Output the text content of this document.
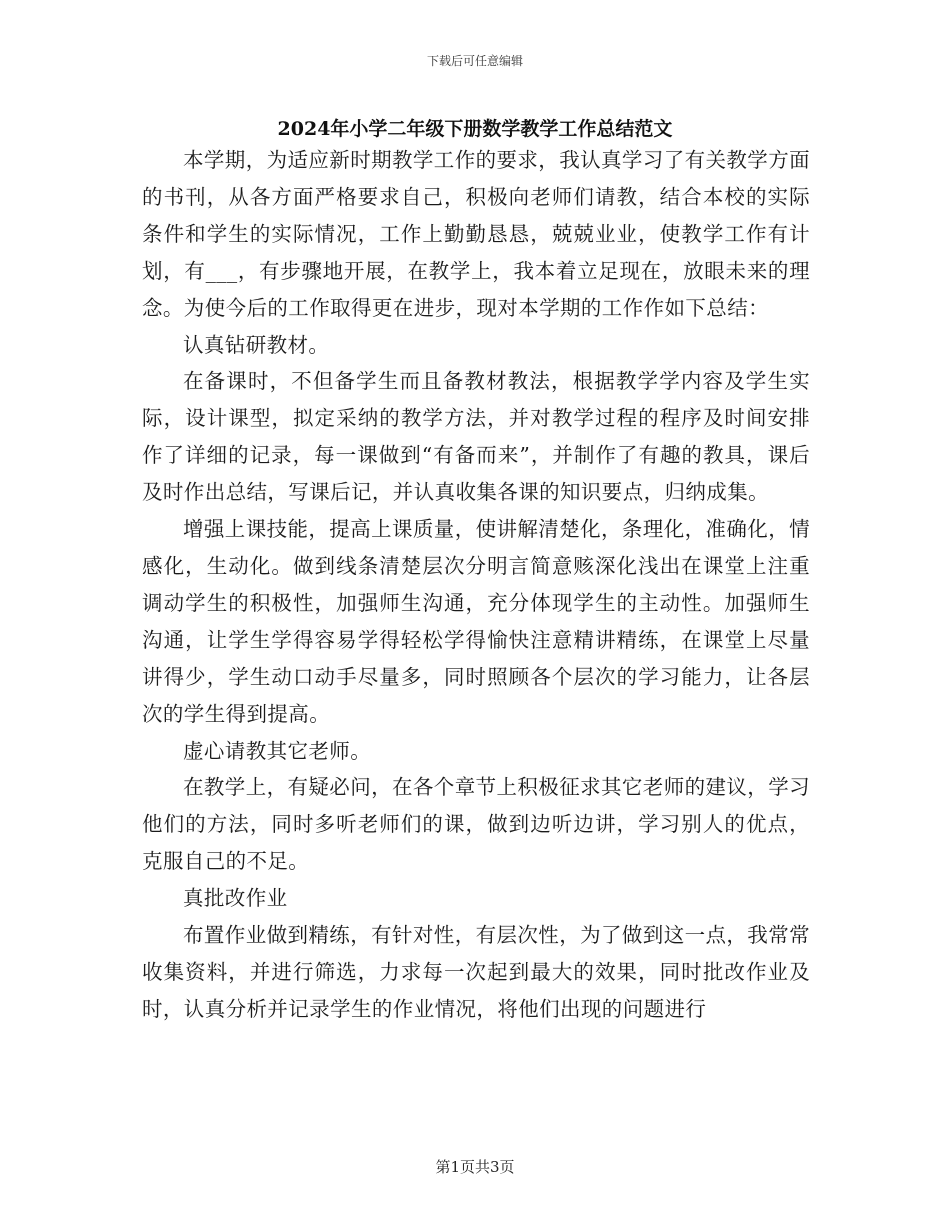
下载后可任意编辑
2024年小学二年级下册数学教学工作总结范文

本学期，为适应新时期教学工作的要求，我认真学习了有关教学方面的书刊，从各方面严格要求自己，积极向老师们请教，结合本校的实际条件和学生的实际情况，工作上勤勤恳恳，兢兢业业，使教学工作有计划，有___，有步骤地开展，在教学上，我本着立足现在，放眼未来的理念。为使今后的工作取得更在进步，现对本学期的工作作如下总结：

认真钻研教材。

在备课时，不但备学生而且备教材教法，根据教学学内容及学生实际，设计课型，拟定采纳的教学方法，并对教学过程的程序及时间安排作了详细的记录，每一课做到“有备而来”，并制作了有趣的教具，课后及时作出总结，写课后记，并认真收集各课的知识要点，归纳成集。

增强上课技能，提高上课质量，使讲解清楚化，条理化，准确化，情感化，生动化。做到线条清楚层次分明言简意赅深化浅出在课堂上注重调动学生的积极性，加强师生沟通，充分体现学生的主动性。加强师生沟通，让学生学得容易学得轻松学得愉快注意精讲精练，在课堂上尽量讲得少，学生动口动手尽量多，同时照顾各个层次的学习能力，让各层次的学生得到提高。

虚心请教其它老师。

在教学上，有疑必问，在各个章节上积极征求其它老师的建议，学习他们的方法，同时多听老师们的课，做到边听边讲，学习别人的优点，克服自己的不足。

真批改作业

布置作业做到精练，有针对性，有层次性，为了做到这一点，我常常收集资料，并进行筛选，力求每一次起到最大的效果，同时批改作业及时，认真分析并记录学生的作业情况，将他们出现的问题进行

第1页共3页
